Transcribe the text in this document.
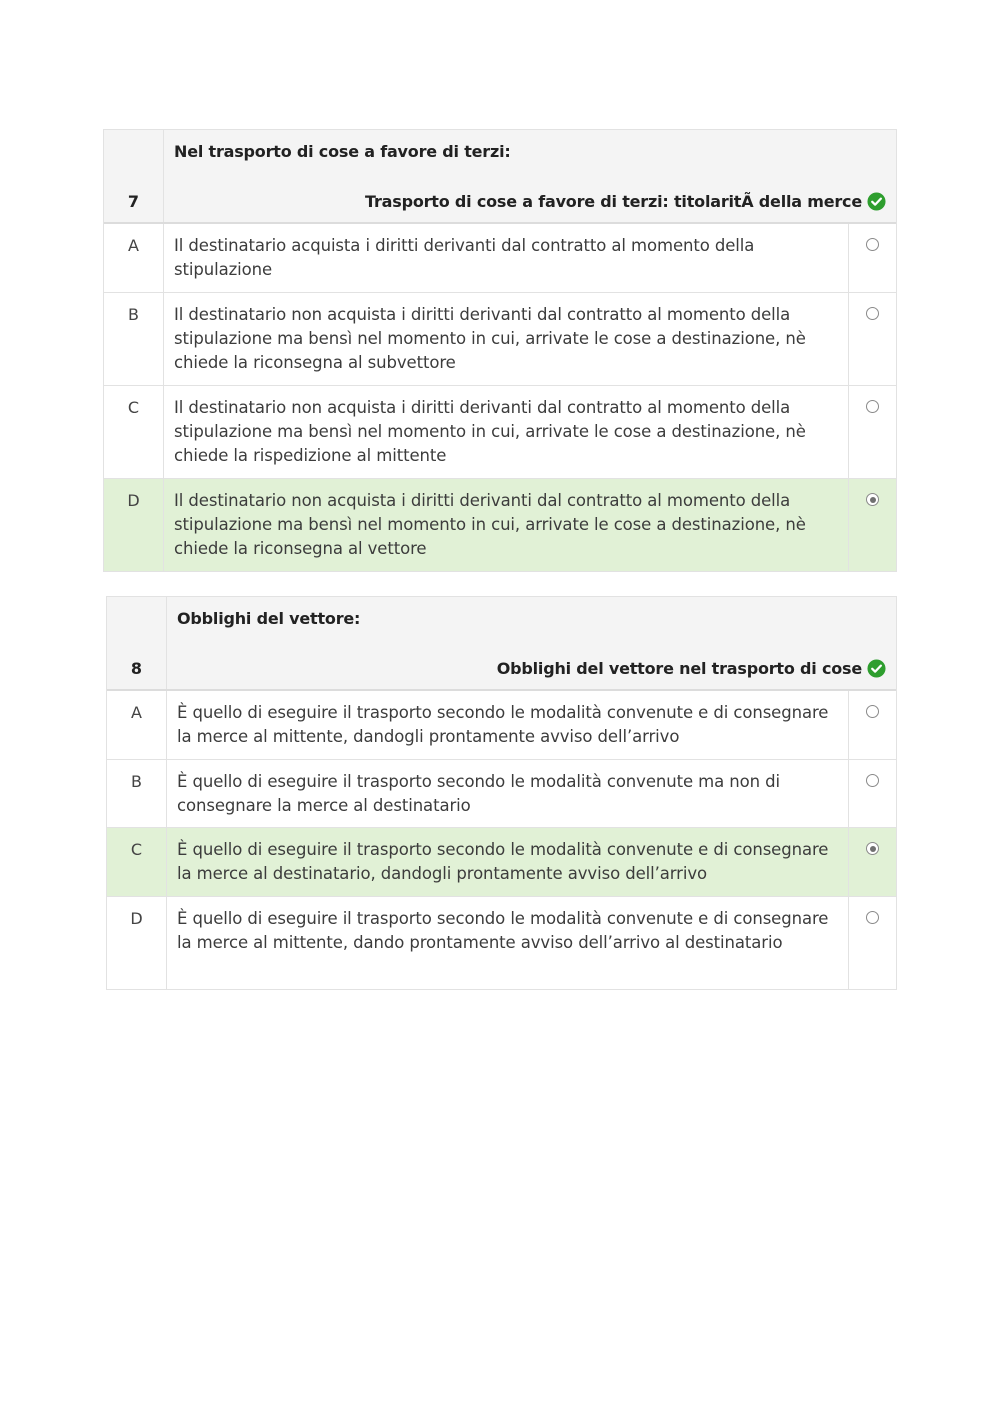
7
Nel trasporto di cose a favore di terzi:
Trasporto di cose a favore di terzi: titolaritÃ della merce
A	Il destinatario acquista i diritti derivanti dal contratto al momento della stipulazione
B	Il destinatario non acquista i diritti derivanti dal contratto al momento della stipulazione ma bensì nel momento in cui, arrivate le cose a destinazione, nè chiede la riconsegna al subvettore
C	Il destinatario non acquista i diritti derivanti dal contratto al momento della stipulazione ma bensì nel momento in cui, arrivate le cose a destinazione, nè chiede la rispedizione al mittente
D	Il destinatario non acquista i diritti derivanti dal contratto al momento della stipulazione ma bensì nel momento in cui, arrivate le cose a destinazione, nè chiede la riconsegna al vettore
8
Obblighi del vettore:
Obblighi del vettore nel trasporto di cose
A	È quello di eseguire il trasporto secondo le modalità convenute e di consegnare la merce al mittente, dandogli prontamente avviso dell’arrivo
B	È quello di eseguire il trasporto secondo le modalità convenute ma non di consegnare la merce al destinatario
C	È quello di eseguire il trasporto secondo le modalità convenute e di consegnare la merce al destinatario, dandogli prontamente avviso dell’arrivo
D	È quello di eseguire il trasporto secondo le modalità convenute e di consegnare la merce al mittente, dando prontamente avviso dell’arrivo al destinatario
